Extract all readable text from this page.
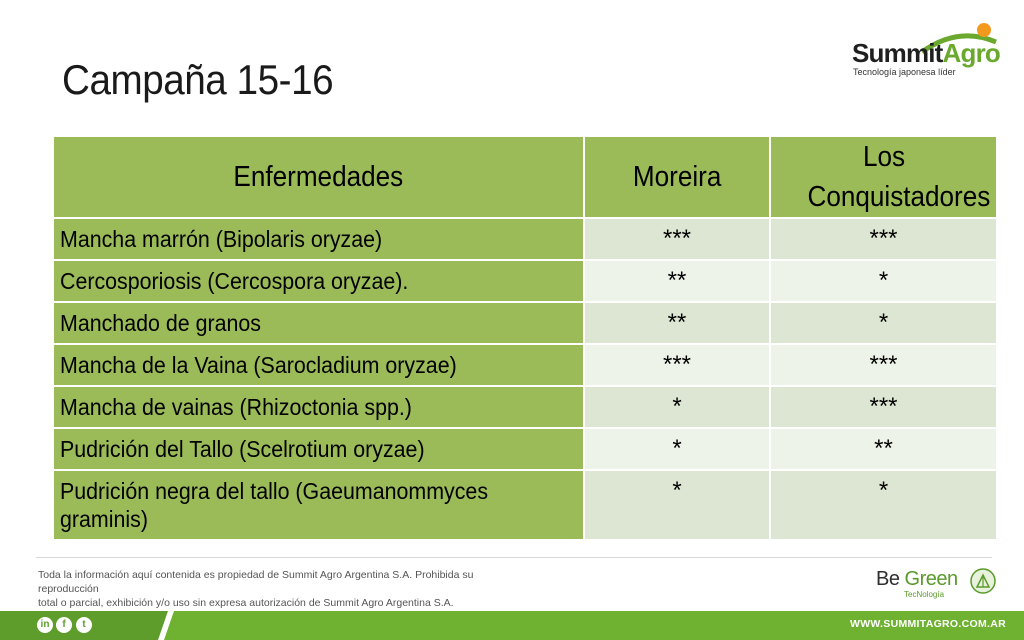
Campaña 15-16
SummitAgro
Tecnología japonesa líder
Enfermedades	Moreira	Los Conquistadores
Mancha marrón (Bipolaris oryzae)	***	***
Cercosporiosis (Cercospora oryzae).	**	*
Manchado de granos	**	*
Mancha de la Vaina (Sarocladium oryzae)	***	***
Mancha de vainas (Rhizoctonia spp.)	*	***
Pudrición del Tallo (Scelrotium oryzae)	*	**
Pudrición negra del tallo (Gaeumanommyces graminis)	*	*
Toda la información aquí contenida es propiedad de Summit Agro Argentina S.A. Prohibida su reproducción
total o parcial, exhibición y/o uso sin expresa autorización de Summit Agro Argentina S.A.
Be Green
TecNología
in	f	t	WWW.SUMMITAGRO.COM.AR
